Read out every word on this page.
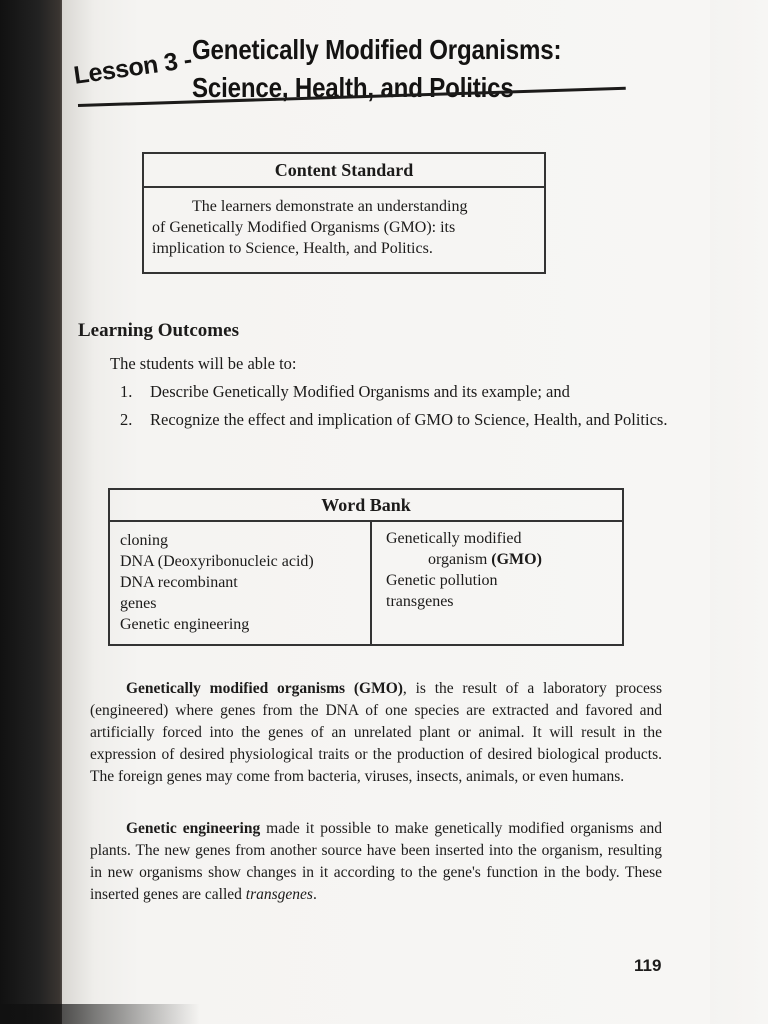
Lesson 3 -
Genetically Modified Organisms:
Science, Health, and Politics
Content Standard
The learners demonstrate an understanding
of Genetically Modified Organisms (GMO): its
implication to Science, Health, and Politics.
Learning Outcomes
The students will be able to:
1.	Describe Genetically Modified Organisms and its example; and
2.	Recognize the effect and implication of GMO to Science, Health, and Politics.
Word Bank
cloning
DNA (Deoxyribonucleic acid)
DNA recombinant
genes
Genetic engineering
Genetically modified
organism (GMO)
Genetic pollution
transgenes
Genetically modified organisms (GMO), is the result of a laboratory process (engineered) where genes from the DNA of one species are extracted and favored and artificially forced into the genes of an unrelated plant or animal. It will result in the expression of desired physiological traits or the production of desired biological products. The foreign genes may come from bacteria, viruses, insects, animals, or even humans.
Genetic engineering made it possible to make genetically modified organisms and plants. The new genes from another source have been inserted into the organism, resulting in new organisms show changes in it according to the gene's function in the body. These inserted genes are called transgenes.
119
